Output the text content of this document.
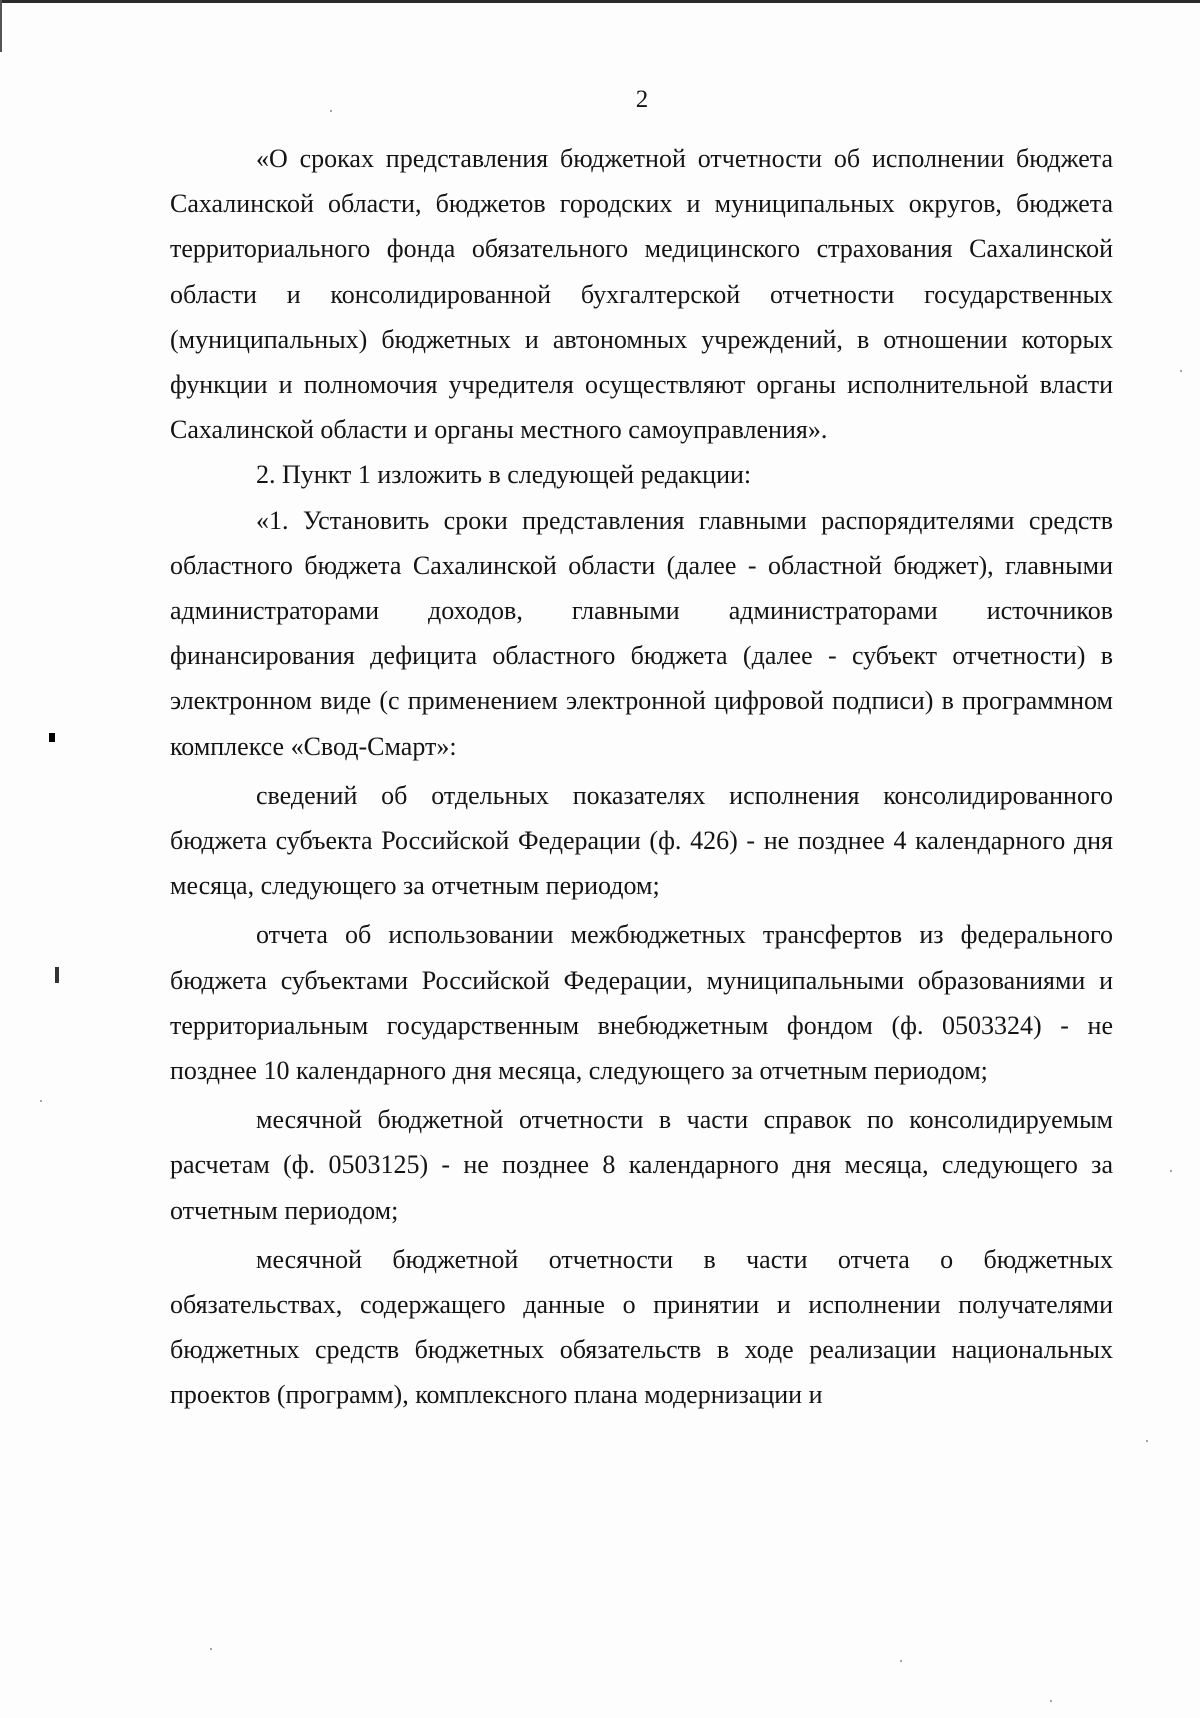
2

«О сроках представления бюджетной отчетности об исполнении бюджета Сахалинской области, бюджетов городских и муниципальных округов, бюджета территориального фонда обязательного медицинского страхования Сахалинской области и консолидированной бухгалтерской отчетности государственных (муниципальных) бюджетных и автономных учреждений, в отношении которых функции и полномочия учредителя осуществляют органы исполнительной власти Сахалинской области и органы местного самоуправления».

2. Пункт 1 изложить в следующей редакции:

«1. Установить сроки представления главными распорядителями средств областного бюджета Сахалинской области (далее - областной бюджет), главными администраторами доходов, главными администраторами источников финансирования дефицита областного бюджета (далее - субъект отчетности) в электронном виде (с применением электронной цифровой подписи) в программном комплексе «Свод-Смарт»:

сведений об отдельных показателях исполнения консолидированного бюджета субъекта Российской Федерации (ф. 426) - не позднее 4 календарного дня месяца, следующего за отчетным периодом;

отчета об использовании межбюджетных трансфертов из федерального бюджета субъектами Российской Федерации, муниципальными образованиями и территориальным государственным внебюджетным фондом (ф. 0503324) - не позднее 10 календарного дня месяца, следующего за отчетным периодом;

месячной бюджетной отчетности в части справок по консолидируемым расчетам (ф. 0503125) - не позднее 8 календарного дня месяца, следующего за отчетным периодом;

месячной бюджетной отчетности в части отчета о бюджетных обязательствах, содержащего данные о принятии и исполнении получателями бюджетных средств бюджетных обязательств в ходе реализации национальных проектов (программ), комплексного плана модернизации и
